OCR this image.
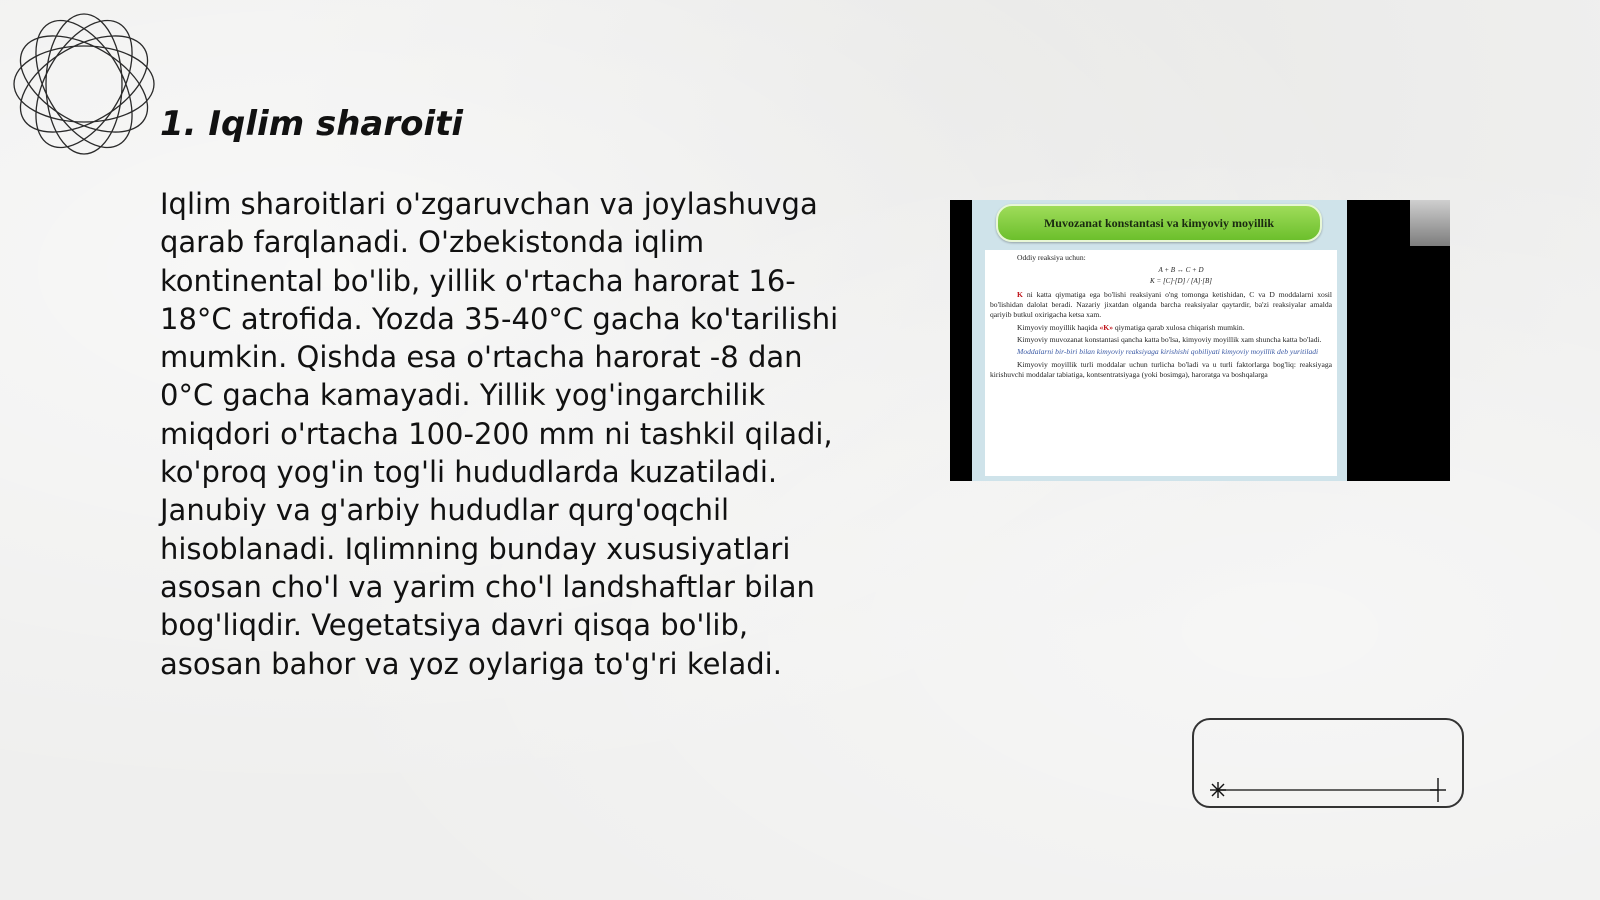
1. Iqlim sharoiti

Iqlim sharoitlari o'zgaruvchan va joylashuvga qarab farqlanadi. O'zbekistonda iqlim kontinental bo'lib, yillik o'rtacha harorat 16-18°C atrofida. Yozda 35-40°C gacha ko'tarilishi mumkin. Qishda esa o'rtacha harorat -8 dan 0°C gacha kamayadi. Yillik yog'ingarchilik miqdori o'rtacha 100-200 mm ni tashkil qiladi, ko'proq yog'in tog'li hududlarda kuzatiladi. Janubiy va g'arbiy hududlar qurg'oqchil hisoblanadi. Iqlimning bunday xususiyatlari asosan cho'l va yarim cho'l landshaftlar bilan bog'liqdir. Vegetatsiya davri qisqa bo'lib, asosan bahor va yoz oylariga to'g'ri keladi.

Muvozanat konstantasi va kimyoviy moyillik
Oddiy reaksiya uchun:
A + B ↔ C + D
K = [C]·[D] / [A]·[B]

K ni katta qiymatiga ega bo'lishi reaksiyani o'ng tomonga ketishidan, C va D moddalarni xosil bo'lishidan dalolat beradi. Nazariy jixatdan olganda barcha reaksiyalar qaytardir, ba'zi reaksiyalar amalda qariyib butkul oxirigacha ketsa xam.

Kimyoviy moyillik haqida «K» qiymatiga qarab xulosa chiqarish mumkin.

Kimyoviy muvozanat konstantasi qancha katta bo'lsa, kimyoviy moyillik xam shuncha katta bo'ladi.

Moddalarni bir-biri bilan kimyoviy reaksiyaga kirishishi qobiliyati kimyoviy moyillik deb yuritiladi

Kimyoviy moyillik turli moddalar uchun turlicha bo'ladi va u turli faktorlarga bog'liq: reaksiyaga kirishuvchi moddalar tabiatiga, kontsentratsiyaga (yoki bosimga), haroratga va boshqalarga
